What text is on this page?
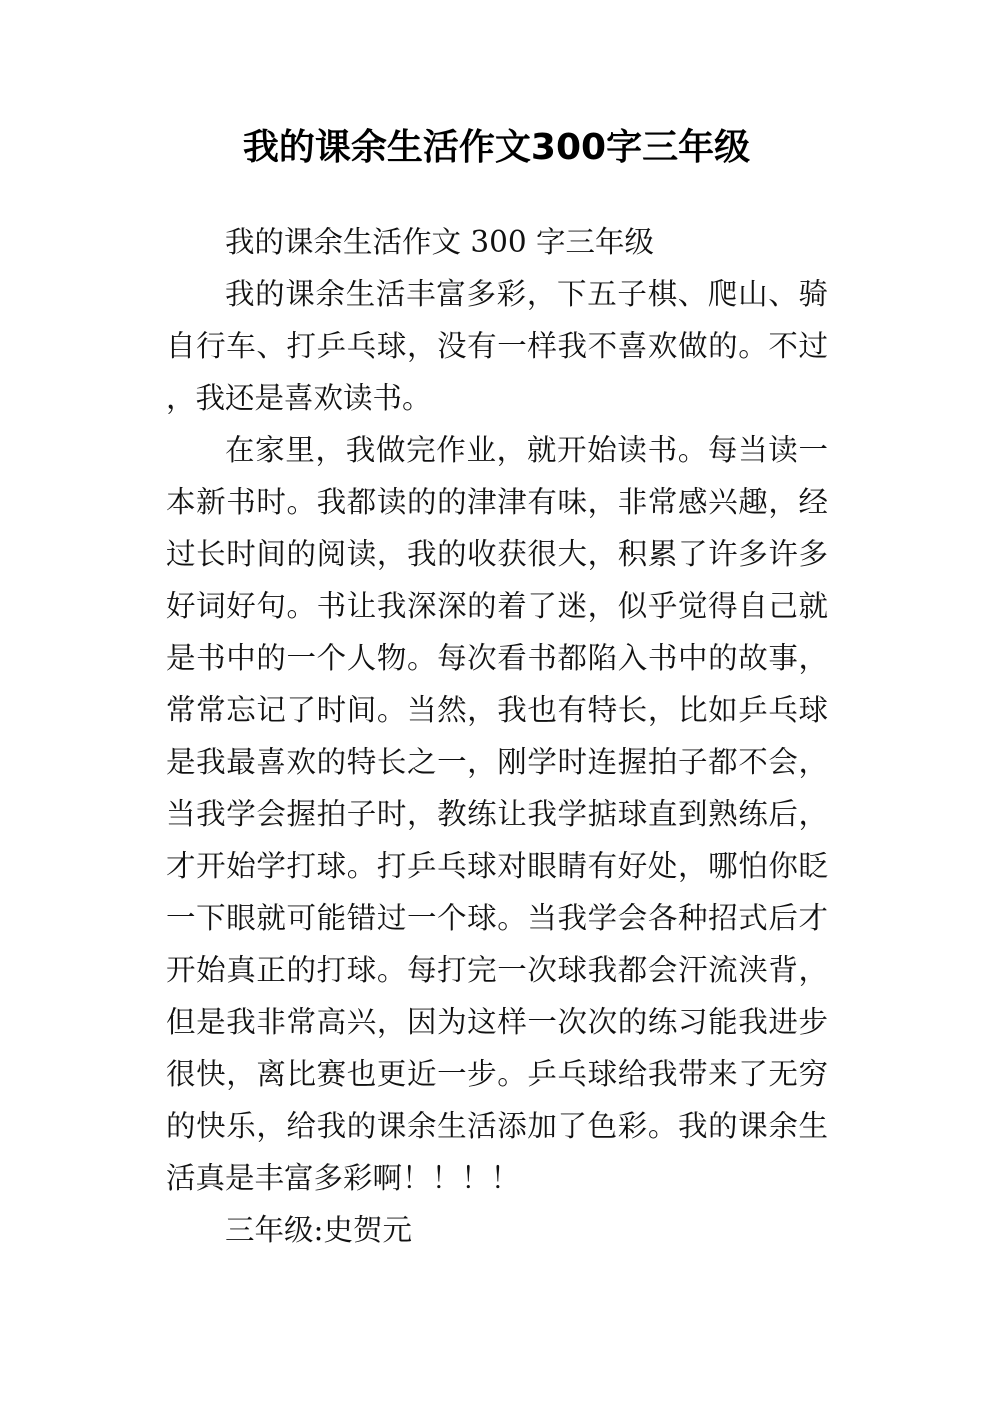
我的课余生活作文300字三年级

我的课余生活作文 300 字三年级

我的课余生活丰富多彩，下五子棋、爬山、骑自行车、打乒乓球，没有一样我不喜欢做的。不过，我还是喜欢读书。

在家里，我做完作业，就开始读书。每当读一本新书时。我都读的的津津有味，非常感兴趣，经过长时间的阅读，我的收获很大，积累了许多许多好词好句。书让我深深的着了迷，似乎觉得自己就是书中的一个人物。每次看书都陷入书中的故事，常常忘记了时间。当然，我也有特长，比如乒乓球是我最喜欢的特长之一，刚学时连握拍子都不会，当我学会握拍子时，教练让我学掂球直到熟练后，才开始学打球。打乒乓球对眼睛有好处，哪怕你眨一下眼就可能错过一个球。当我学会各种招式后才开始真正的打球。每打完一次球我都会汗流浃背，但是我非常高兴，因为这样一次次的练习能我进步很快，离比赛也更近一步。乒乓球给我带来了无穷的快乐，给我的课余生活添加了色彩。我的课余生活真是丰富多彩啊！！！！

三年级:史贺元
